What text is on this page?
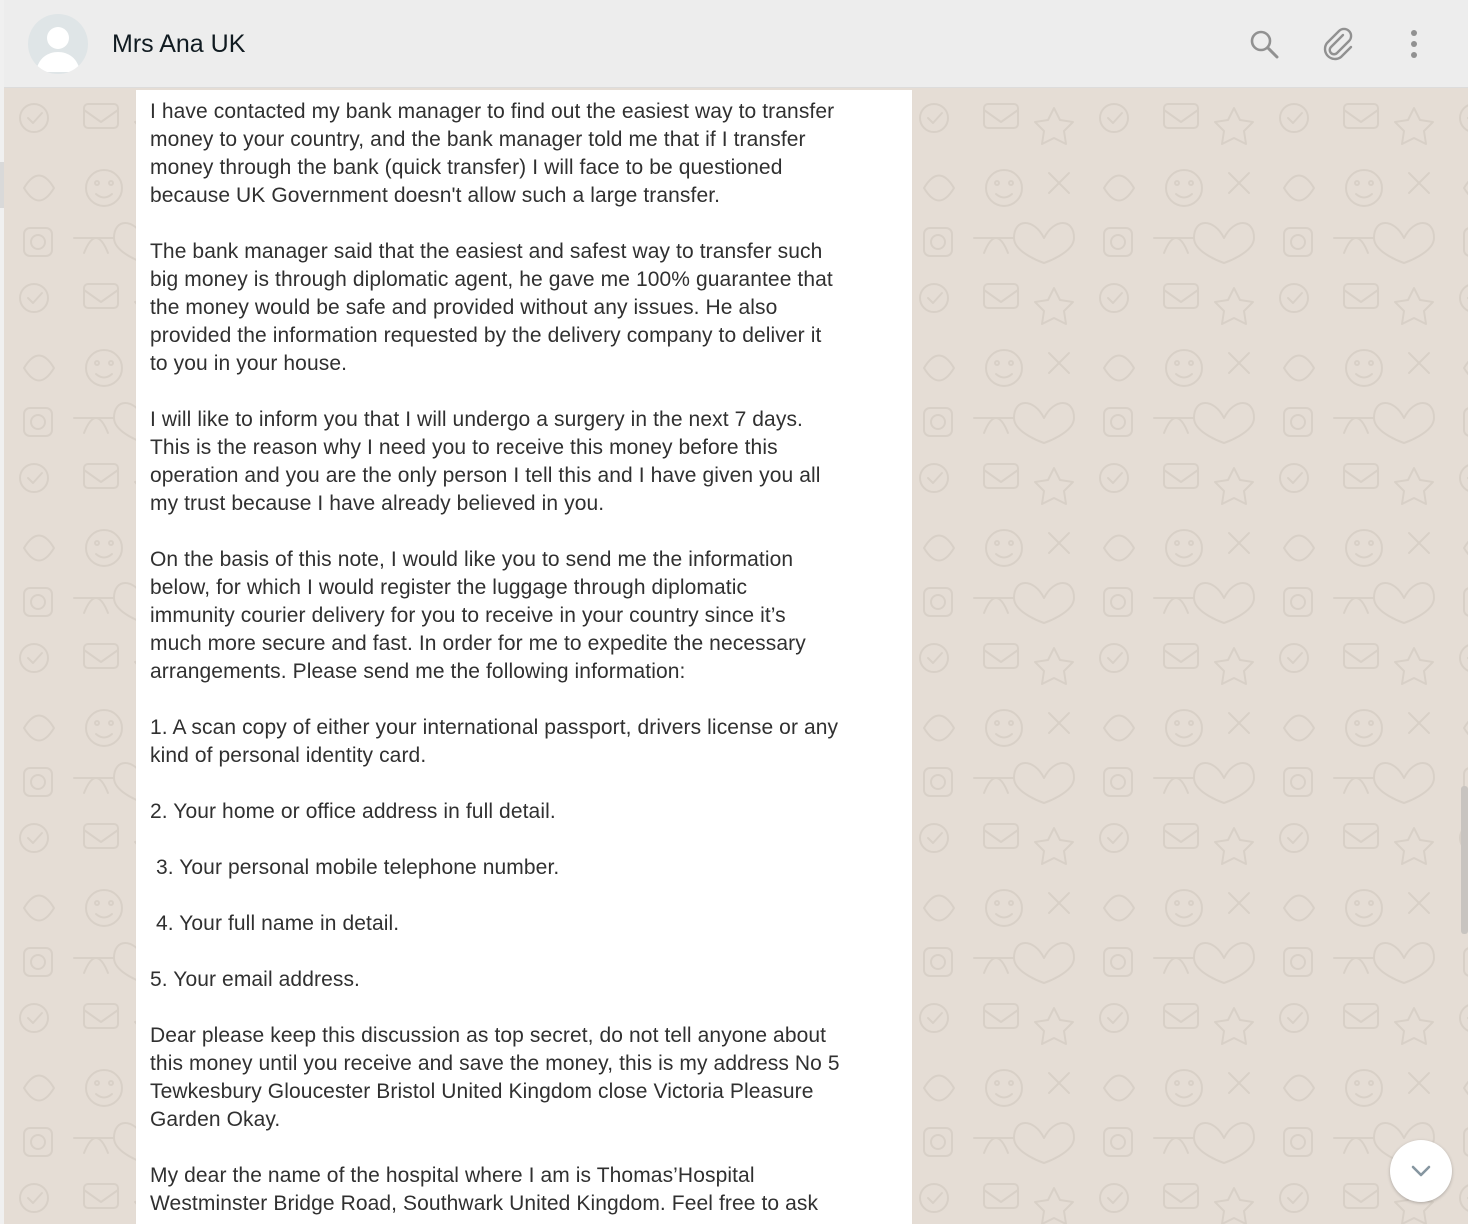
Mrs Ana UK

I have contacted my bank manager to find out the easiest way to transfer
money to your country, and the bank manager told me that if I transfer
money through the bank (quick transfer) I will face to be questioned
because UK Government doesn't allow such a large transfer.

The bank manager said that the easiest and safest way to transfer such
big money is through diplomatic agent, he gave me 100% guarantee that
the money would be safe and provided without any issues. He also
provided the information requested by the delivery company to deliver it
to you in your house.

I will like to inform you that I will undergo a surgery in the next 7 days.
This is the reason why I need you to receive this money before this
operation and you are the only person I tell this and I have given you all
my trust because I have already believed in you.

On the basis of this note, I would like you to send me the information
below, for which I would register the luggage through diplomatic
immunity courier delivery for you to receive in your country since it’s
much more secure and fast. In order for me to expedite the necessary
arrangements. Please send me the following information:

1. A scan copy of either your international passport, drivers license or any
kind of personal identity card.

2. Your home or office address in full detail.

3. Your personal mobile telephone number.

4. Your full name in detail.

5. Your email address.

Dear please keep this discussion as top secret, do not tell anyone about
this money until you receive and save the money, this is my address No 5
Tewkesbury Gloucester Bristol United Kingdom close Victoria Pleasure
Garden Okay.

My dear the name of the hospital where I am is Thomas’Hospital
Westminster Bridge Road, Southwark United Kingdom. Feel free to ask
